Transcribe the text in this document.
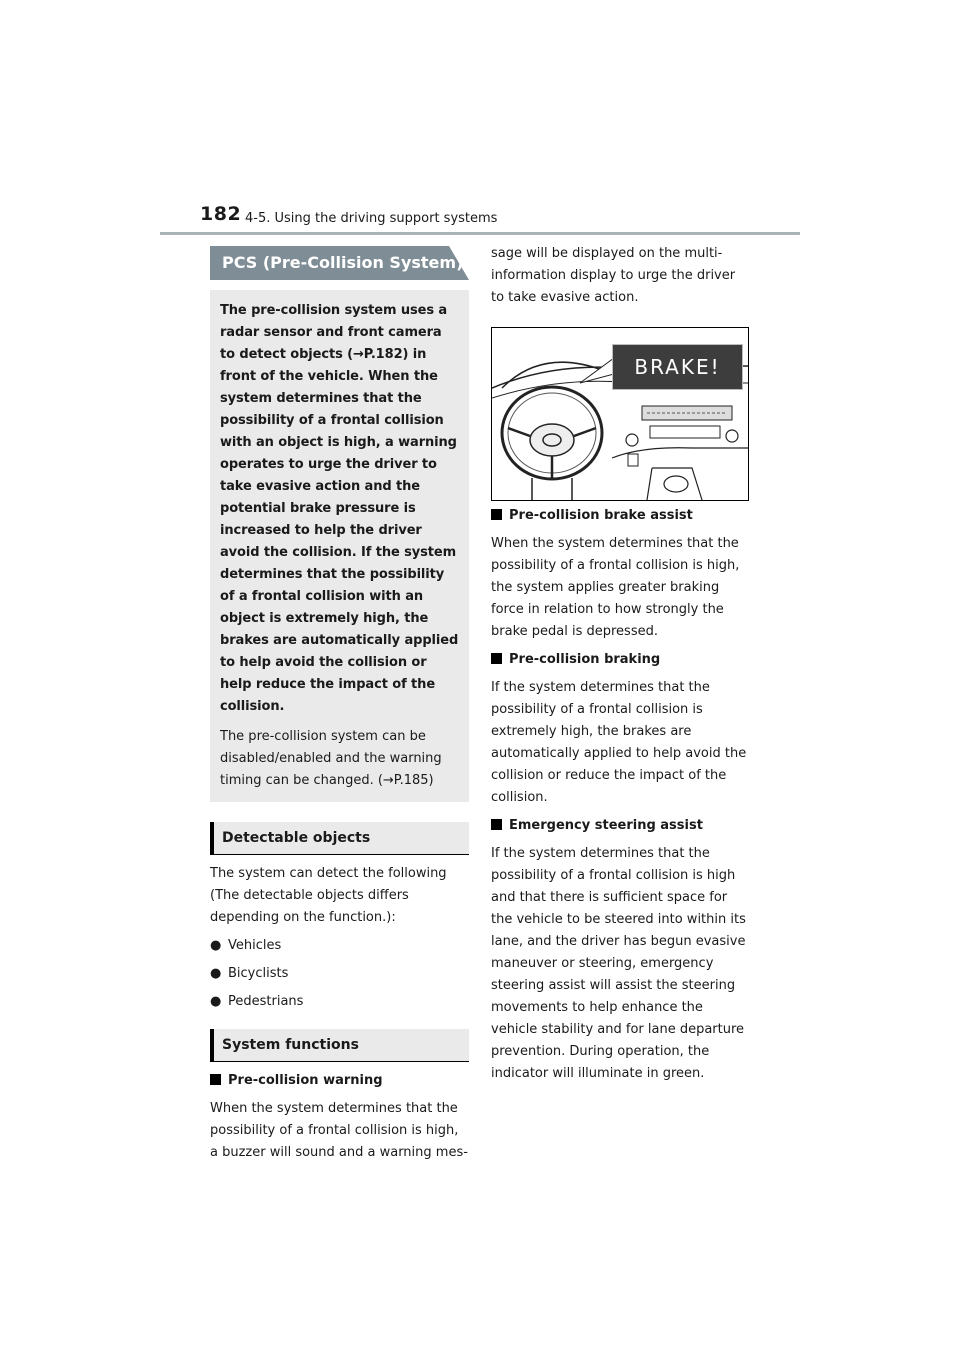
182 4-5. Using the driving support systems
PCS (Pre-Collision System)

The pre-collision system uses a radar sensor and front camera to detect objects (→P.182) in front of the vehicle. When the system determines that the possibility of a frontal collision with an object is high, a warning operates to urge the driver to take evasive action and the potential brake pressure is increased to help the driver avoid the collision. If the system determines that the possibility of a frontal collision with an object is extremely high, the brakes are automatically applied to help avoid the collision or help reduce the impact of the collision.

The pre-collision system can be disabled/enabled and the warning timing can be changed. (→P.185)

Detectable objects

The system can detect the following (The detectable objects differs depending on the function.):

● Vehicles
● Bicyclists
● Pedestrians
System functions

Pre-collision warning

When the system determines that the possibility of a frontal collision is high, a buzzer will sound and a warning mes-

sage will be displayed on the multi-information display to urge the driver to take evasive action.

BRAKE!

Pre-collision brake assist

When the system determines that the possibility of a frontal collision is high, the system applies greater braking force in relation to how strongly the brake pedal is depressed.

Pre-collision braking

If the system determines that the possibility of a frontal collision is extremely high, the brakes are automatically applied to help avoid the collision or reduce the impact of the collision.

Emergency steering assist

If the system determines that the possibility of a frontal collision is high and that there is sufficient space for the vehicle to be steered into within its lane, and the driver has begun evasive maneuver or steering, emergency steering assist will assist the steering movements to help enhance the vehicle stability and for lane departure prevention. During operation, the indicator will illuminate in green.
